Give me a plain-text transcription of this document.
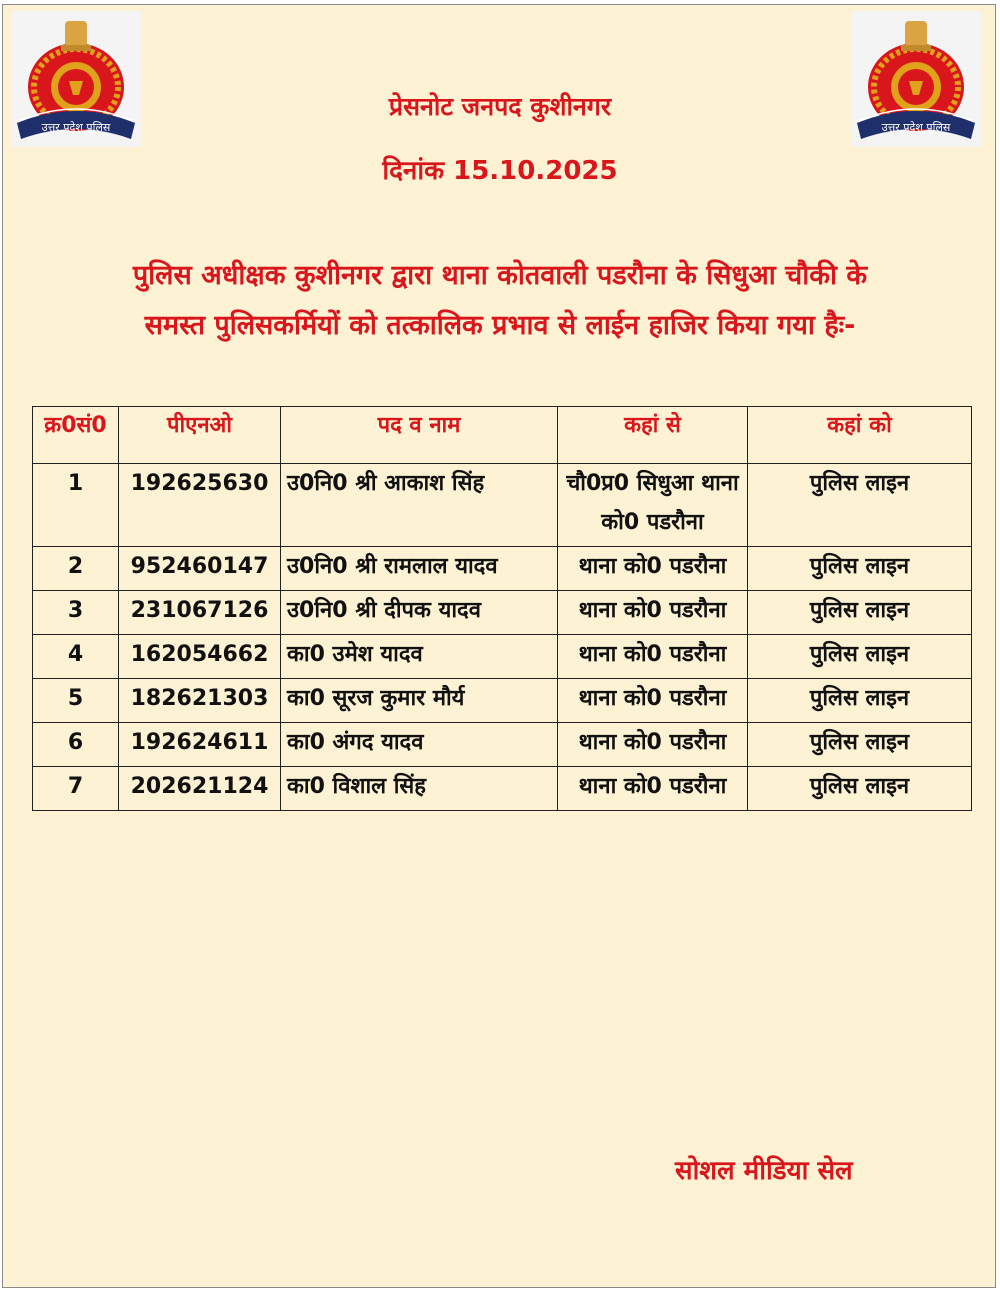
उत्तर प्रदेश पुलिस	उत्तर प्रदेश पुलिस
प्रेसनोट जनपद कुशीनगर
दिनांक 15.10.2025
पुलिस अधीक्षक कुशीनगर द्वारा थाना कोतवाली पडरौना के सिधुआ चौकी के
समस्त पुलिसकर्मियों को तत्कालिक प्रभाव से लाईन हाजिर किया गया हैः-
क्र0सं0	पीएनओ	पद व नाम	कहां से	कहां को
1	192625630	उ0नि0 श्री आकाश सिंह	चौ0प्र0 सिधुआ थाना को0 पडरौना	पुलिस लाइन
2	952460147	उ0नि0 श्री रामलाल यादव	थाना को0 पडरौना	पुलिस लाइन
3	231067126	उ0नि0 श्री दीपक यादव	थाना को0 पडरौना	पुलिस लाइन
4	162054662	का0 उमेश यादव	थाना को0 पडरौना	पुलिस लाइन
5	182621303	का0 सूरज कुमार मौर्य	थाना को0 पडरौना	पुलिस लाइन
6	192624611	का0 अंगद यादव	थाना को0 पडरौना	पुलिस लाइन
7	202621124	का0 विशाल सिंह	थाना को0 पडरौना	पुलिस लाइन
सोशल मीडिया सेल
